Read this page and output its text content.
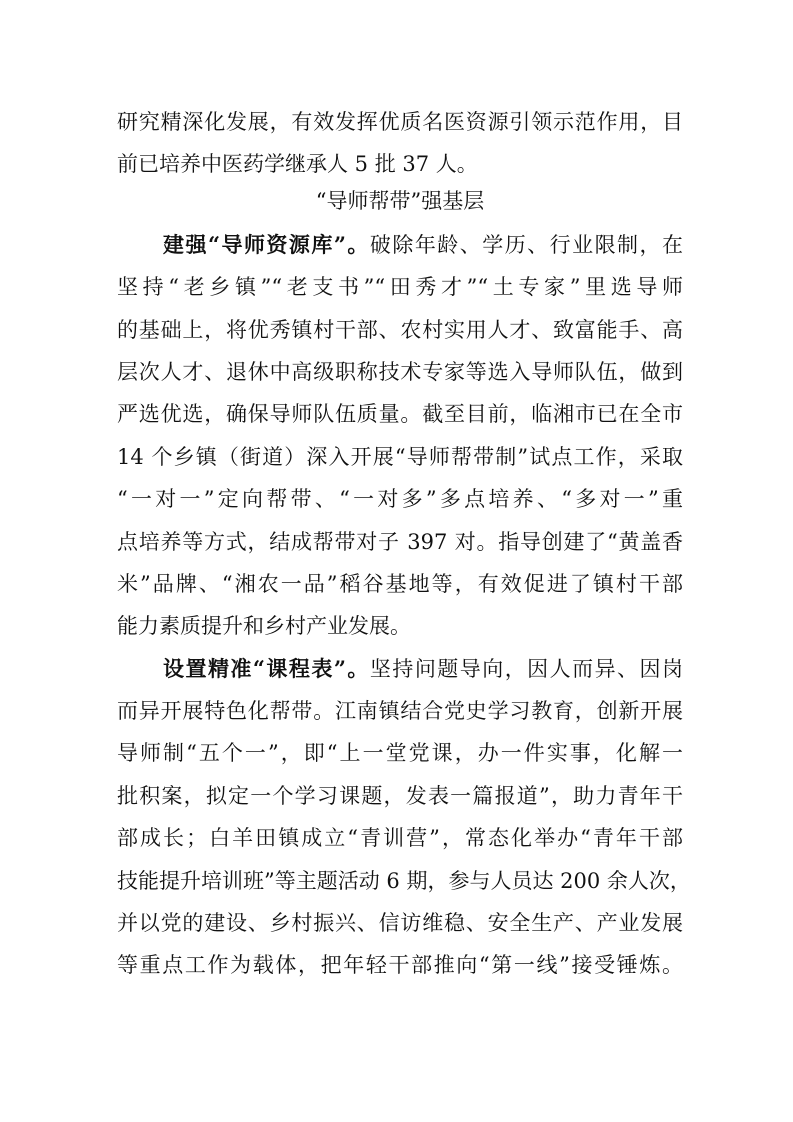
研究精深化发展，有效发挥优质名医资源引领示范作用，目
前已培养中医药学继承人 5 批 37 人。
“导师帮带”强基层
建强“导师资源库”。破除年龄、学历、行业限制，在
坚持“老乡镇”“老支书”“田秀才”“土专家”里选导师
的基础上，将优秀镇村干部、农村实用人才、致富能手、高
层次人才、退休中高级职称技术专家等选入导师队伍，做到
严选优选，确保导师队伍质量。截至目前，临湘市已在全市
14 个乡镇（街道）深入开展“导师帮带制”试点工作，采取
“一对一”定向帮带、“一对多”多点培养、“多对一”重
点培养等方式，结成帮带对子 397 对。指导创建了“黄盖香
米”品牌、“湘农一品”稻谷基地等，有效促进了镇村干部
能力素质提升和乡村产业发展。
设置精准“课程表”。坚持问题导向，因人而异、因岗
而异开展特色化帮带。江南镇结合党史学习教育，创新开展
导师制“五个一”，即“上一堂党课，办一件实事，化解一
批积案，拟定一个学习课题，发表一篇报道”，助力青年干
部成长；白羊田镇成立“青训营”，常态化举办“青年干部
技能提升培训班”等主题活动 6 期，参与人员达 200 余人次，
并以党的建设、乡村振兴、信访维稳、安全生产、产业发展
等重点工作为载体，把年轻干部推向“第一线”接受锤炼。
